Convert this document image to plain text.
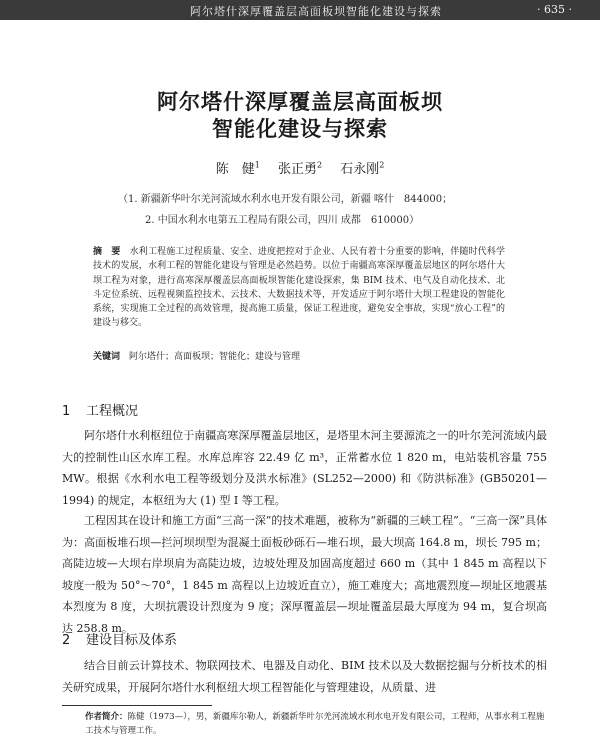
阿尔塔什深厚覆盖层高面板坝智能化建设与探索	· 635 ·
阿尔塔什深厚覆盖层高面板坝
智能化建设与探索
陈　健$^1$ 张正勇$^2$ 石永刚$^2$
（1. 新疆新华叶尔羌河流域水利水电开发有限公司，新疆 喀什　844000；
2. 中国水利水电第五工程局有限公司，四川 成都　610000）
摘　要  水利工程施工过程质量、安全、进度把控对于企业、人民有着十分重要的影响，伴随时代科学技术的发展，水利工程的智能化建设与管理是必然趋势。以位于南疆高寒深厚覆盖层地区的阿尔塔什大坝工程为对象，进行高寒深厚覆盖层高面板坝智能化建设探索，集 BIM 技术、电气及自动化技术、北斗定位系统、远程视频监控技术、云技术、大数据技术等，开发适应于阿尔塔什大坝工程建设的智能化系统，实现施工全过程的高效管理，提高施工质量，保证工程进度，避免安全事故，实现“放心工程”的建设与移交。
关键词  阿尔塔什；高面板坝；智能化；建设与管理
1 工程概况
阿尔塔什水利枢纽位于南疆高寒深厚覆盖层地区，是塔里木河主要源流之一的叶尔羌河流域内最大的控制性山区水库工程。水库总库容 22.49 亿 m³，正常蓄水位 1 820 m，电站装机容量 755 MW。根据《水利水电工程等级划分及洪水标准》(SL252—2000) 和《防洪标准》(GB50201—1994) 的规定，本枢纽为大 (1) 型 I 等工程。
工程因其在设计和施工方面“三高一深”的技术难题，被称为“新疆的三峡工程”。“三高一深”具体为：高面板堆石坝—拦河坝坝型为混凝土面板砂砾石—堆石坝，最大坝高 164.8 m，坝长 795 m；高陡边坡—大坝右岸坝肩为高陡边坡，边坡处理及加固高度超过 660 m（其中 1 845 m 高程以下坡度一般为 50°～70°，1 845 m 高程以上边坡近直立），施工难度大；高地震烈度—坝址区地震基本烈度为 8 度，大坝抗震设计烈度为 9 度；深厚覆盖层—坝址覆盖层最大厚度为 94 m，复合坝高达 258.8 m。
2 建设目标及体系
结合目前云计算技术、物联网技术、电器及自动化、BIM 技术以及大数据挖掘与分析技术的相关研究成果，开展阿尔塔什水利枢纽大坝工程智能化与管理建设，从质量、进
作者简介：陈健（1973—），男，新疆库尔勒人，新疆新华叶尔羌河流域水利水电开发有限公司，工程师，从事水利工程施工技术与管理工作。
